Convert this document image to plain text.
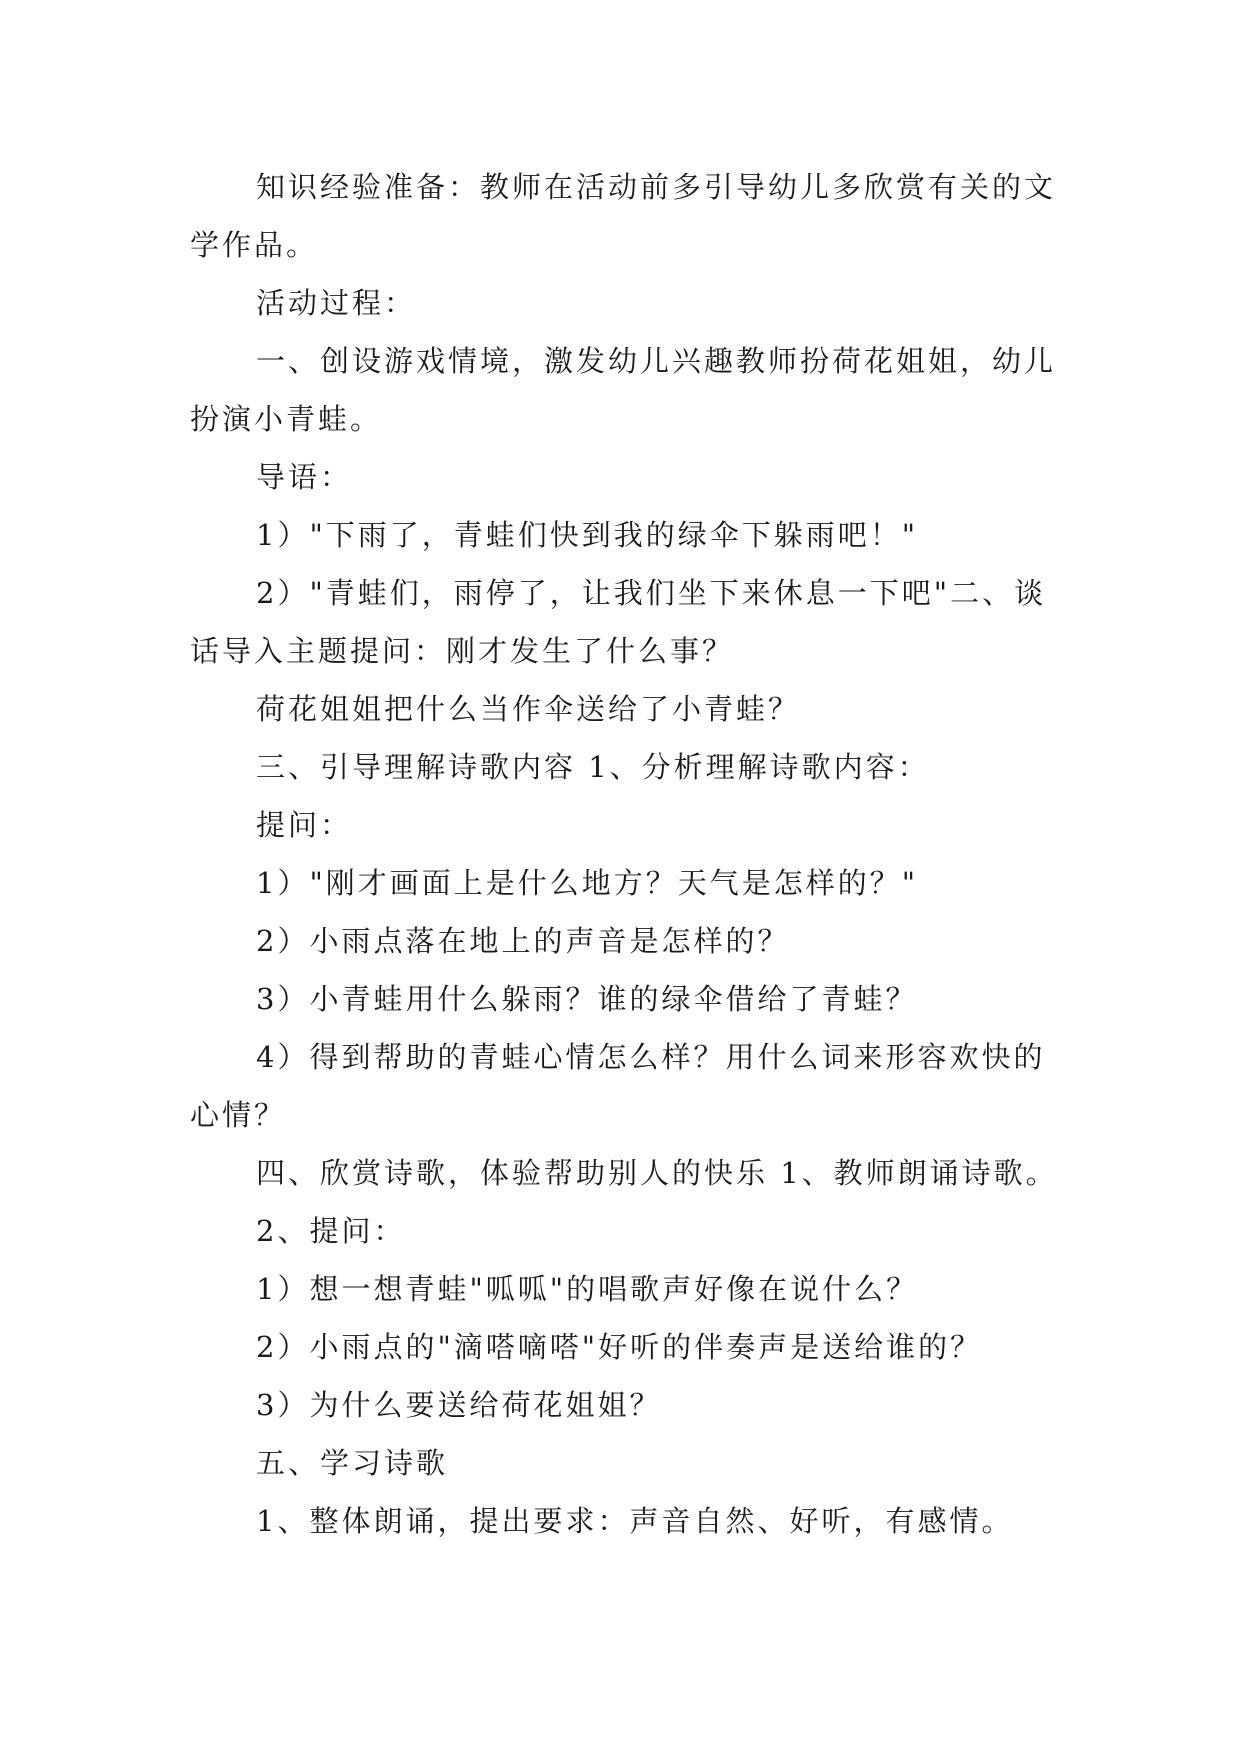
知识经验准备：教师在活动前多引导幼儿多欣赏有关的文学作品。

活动过程：

一、创设游戏情境，激发幼儿兴趣教师扮荷花姐姐，幼儿扮演小青蛙。

导语：

1）"下雨了，青蛙们快到我的绿伞下躲雨吧！"

2）"青蛙们，雨停了，让我们坐下来休息一下吧"二、谈话导入主题提问：刚才发生了什么事？

荷花姐姐把什么当作伞送给了小青蛙？

三、引导理解诗歌内容 1、分析理解诗歌内容：

提问：

1）"刚才画面上是什么地方？天气是怎样的？"

2）小雨点落在地上的声音是怎样的？

3）小青蛙用什么躲雨？谁的绿伞借给了青蛙？

4）得到帮助的青蛙心情怎么样？用什么词来形容欢快的心情？

四、欣赏诗歌，体验帮助别人的快乐 1、教师朗诵诗歌。

2、提问：

1）想一想青蛙"呱呱"的唱歌声好像在说什么？

2）小雨点的"滴嗒嘀嗒"好听的伴奏声是送给谁的？

3）为什么要送给荷花姐姐？

五、学习诗歌

1、整体朗诵，提出要求：声音自然、好听，有感情。
